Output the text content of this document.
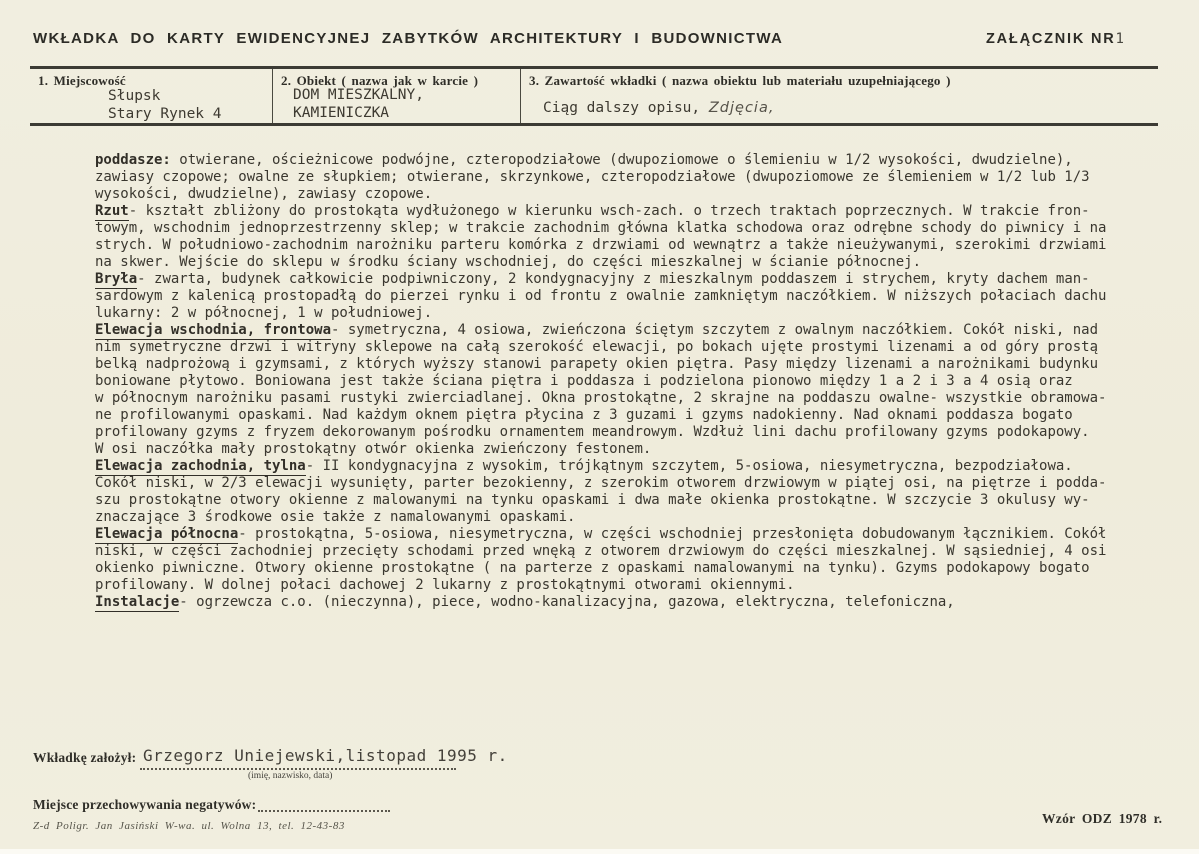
WKŁADKA DO KARTY EWIDENCYJNEJ ZABYTKÓW ARCHITEKTURY I BUDOWNICTWA	ZAŁĄCZNIK NR1
1. Miejscowość
Słupsk
Stary Rynek 4
2. Obiekt ( nazwa jak w karcie )
DOM MIESZKALNY,
KAMIENICZKA
3. Zawartość wkładki ( nazwa obiektu lub materiału uzupełniającego )
Ciąg dalszy opisu, Zdjęcia,
poddasze: otwierane, ościeżnicowe podwójne, czteropodziałowe (dwupoziomowe o ślemieniu w 1/2 wysokości, dwudzielne),
zawiasy czopowe; owalne ze słupkiem; otwierane, skrzynkowe, czteropodziałowe (dwupoziomowe ze ślemieniem w 1/2 lub 1/3
wysokości, dwudzielne), zawiasy czopowe.
Rzut- kształt zbliżony do prostokąta wydłużonego w kierunku wsch-zach. o trzech traktach poprzecznych. W trakcie fron-
towym, wschodnim jednoprzestrzenny sklep; w trakcie zachodnim główna klatka schodowa oraz odrębne schody do piwnicy i na
strych. W południowo-zachodnim narożniku parteru komórka z drzwiami od wewnątrz a także nieużywanymi, szerokimi drzwiami
na skwer. Wejście do sklepu w środku ściany wschodniej, do części mieszkalnej w ścianie północnej.
Bryła- zwarta, budynek całkowicie podpiwniczony, 2 kondygnacyjny z mieszkalnym poddaszem i strychem, kryty dachem man-
sardowym z kalenicą prostopadłą do pierzei rynku i od frontu z owalnie zamkniętym naczółkiem. W niższych połaciach dachu
lukarny: 2 w północnej, 1 w południowej.
Elewacja wschodnia, frontowa- symetryczna, 4 osiowa, zwieńczona ściętym szczytem z owalnym naczółkiem. Cokół niski, nad
nim symetryczne drzwi i witryny sklepowe na całą szerokość elewacji, po bokach ujęte prostymi lizenami a od góry prostą
belką nadprożową i gzymsami, z których wyższy stanowi parapety okien piętra. Pasy między lizenami a narożnikami budynku
boniowane płytowo. Boniowana jest także ściana piętra i poddasza i podzielona pionowo między 1 a 2 i 3 a 4 osią oraz
w północnym narożniku pasami rustyki zwierciadlanej. Okna prostokątne, 2 skrajne na poddaszu owalne- wszystkie obramowa-
ne profilowanymi opaskami. Nad każdym oknem piętra płycina z 3 guzami i gzyms nadokienny. Nad oknami poddasza bogato
profilowany gzyms z fryzem dekorowanym pośrodku ornamentem meandrowym. Wzdłuż lini dachu profilowany gzyms podokapowy.
W osi naczółka mały prostokątny otwór okienka zwieńczony festonem.
Elewacja zachodnia, tylna- II kondygnacyjna z wysokim, trójkątnym szczytem, 5-osiowa, niesymetryczna, bezpodziałowa.
Cokół niski, w 2/3 elewacji wysunięty, parter bezokienny, z szerokim otworem drzwiowym w piątej osi, na piętrze i podda-
szu prostokątne otwory okienne z malowanymi na tynku opaskami i dwa małe okienka prostokątne. W szczycie 3 okulusy wy-
znaczające 3 środkowe osie także z namalowanymi opaskami.
Elewacja północna- prostokątna, 5-osiowa, niesymetryczna, w części wschodniej przesłonięta dobudowanym łącznikiem. Cokół
niski, w części zachodniej przecięty schodami przed wnęką z otworem drzwiowym do części mieszkalnej. W sąsiedniej, 4 osi
okienko piwniczne. Otwory okienne prostokątne ( na parterze z opaskami namalowanymi na tynku). Gzyms podokapowy bogato
profilowany. W dolnej połaci dachowej 2 lukarny z prostokątnymi otworami okiennymi.
Instalacje- ogrzewcza c.o. (nieczynna), piece, wodno-kanalizacyjna, gazowa, elektryczna, telefoniczna,
Wkładkę założył: Grzegorz Uniejewski,listopad 1995 r.
(imię, nazwisko, data)
Miejsce przechowywania negatywów:
Z-d Poligr. Jan Jasiński W-wa. ul. Wolna 13, tel. 12-43-83	Wzór ODZ 1978 r.
